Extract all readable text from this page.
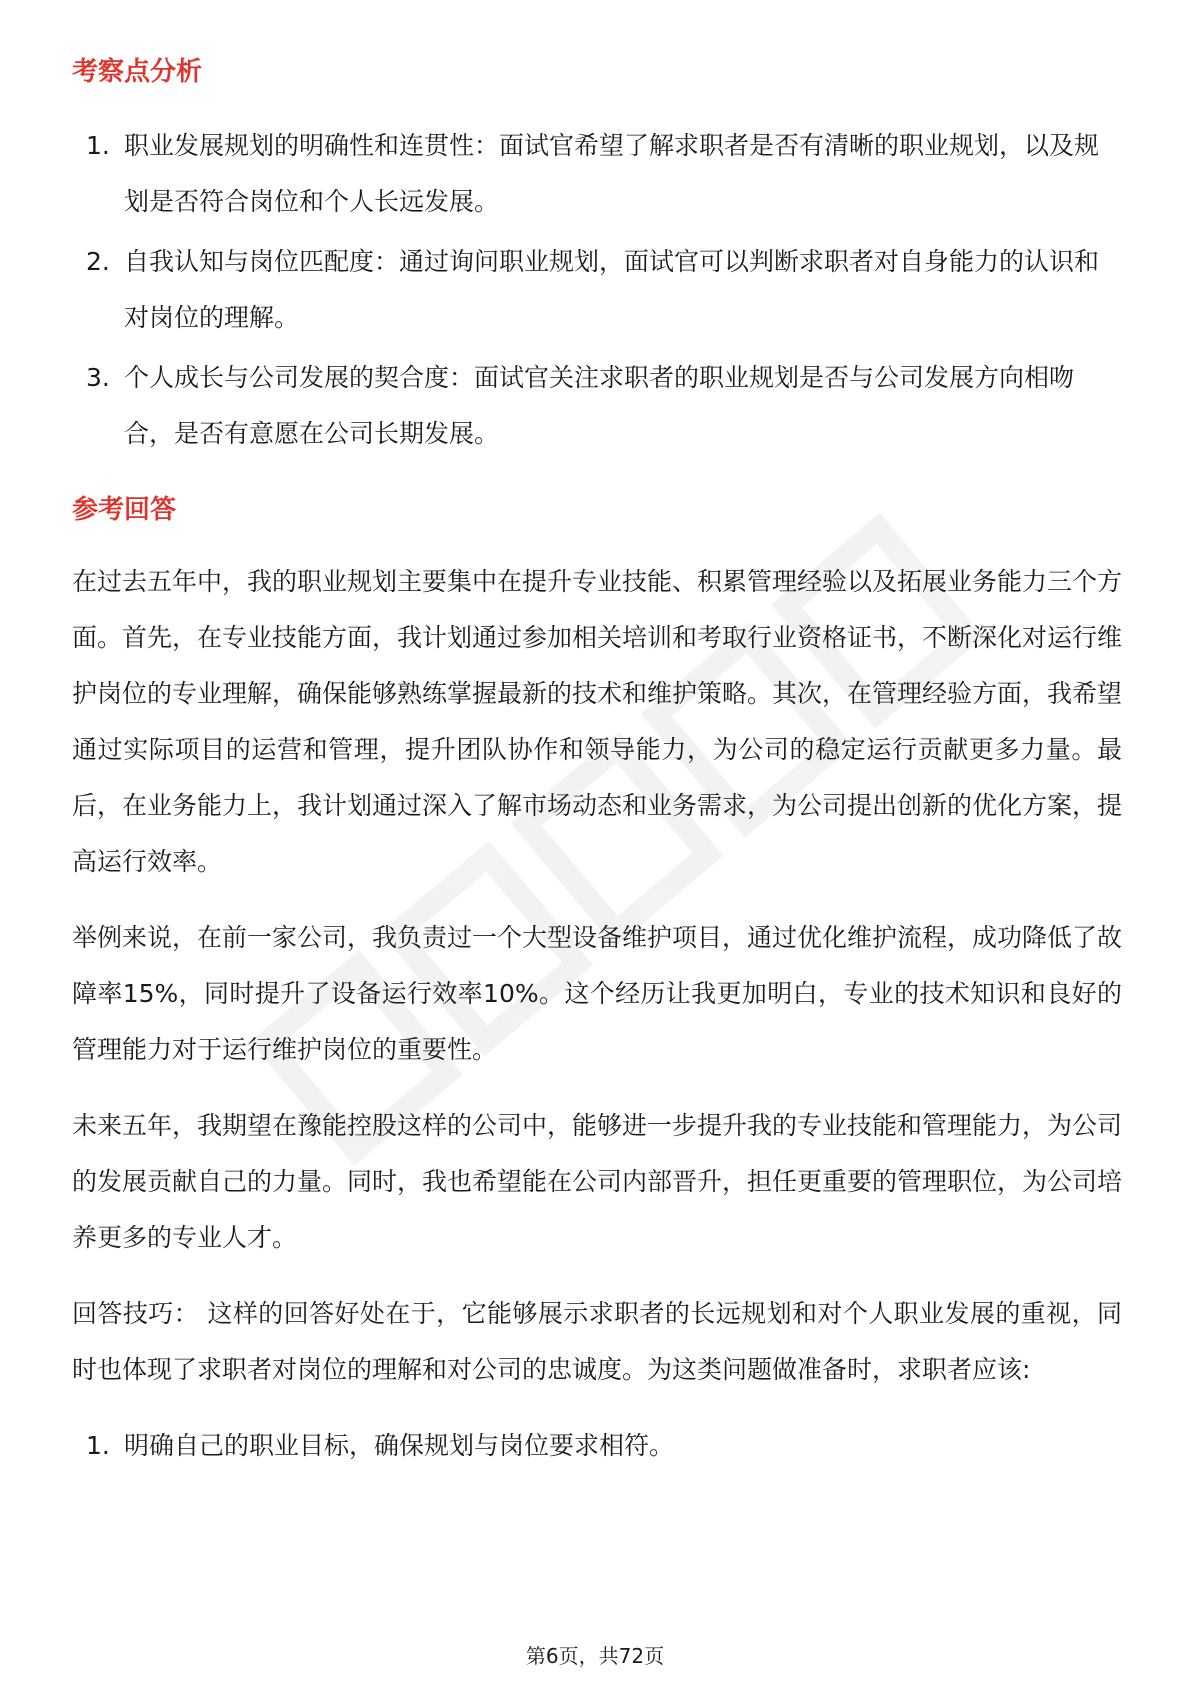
考察点分析
1. 职业发展规划的明确性和连贯性：面试官希望了解求职者是否有清晰的职业规划，以及规划是否符合岗位和个人长远发展。
2. 自我认知与岗位匹配度：通过询问职业规划，面试官可以判断求职者对自身能力的认识和对岗位的理解。
3. 个人成长与公司发展的契合度：面试官关注求职者的职业规划是否与公司发展方向相吻合，是否有意愿在公司长期发展。
参考回答

在过去五年中，我的职业规划主要集中在提升专业技能、积累管理经验以及拓展业务能力三个方面。首先，在专业技能方面，我计划通过参加相关培训和考取行业资格证书，不断深化对运行维护岗位的专业理解，确保能够熟练掌握最新的技术和维护策略。其次，在管理经验方面，我希望通过实际项目的运营和管理，提升团队协作和领导能力，为公司的稳定运行贡献更多力量。最后，在业务能力上，我计划通过深入了解市场动态和业务需求，为公司提出创新的优化方案，提高运行效率。

举例来说，在前一家公司，我负责过一个大型设备维护项目，通过优化维护流程，成功降低了故障率15%，同时提升了设备运行效率10%。这个经历让我更加明白，专业的技术知识和良好的管理能力对于运行维护岗位的重要性。

未来五年，我期望在豫能控股这样的公司中，能够进一步提升我的专业技能和管理能力，为公司的发展贡献自己的力量。同时，我也希望能在公司内部晋升，担任更重要的管理职位，为公司培养更多的专业人才。

回答技巧： 这样的回答好处在于，它能够展示求职者的长远规划和对个人职业发展的重视，同时也体现了求职者对岗位的理解和对公司的忠诚度。为这类问题做准备时，求职者应该:

1. 明确自己的职业目标，确保规划与岗位要求相符。
第6页，共72页
